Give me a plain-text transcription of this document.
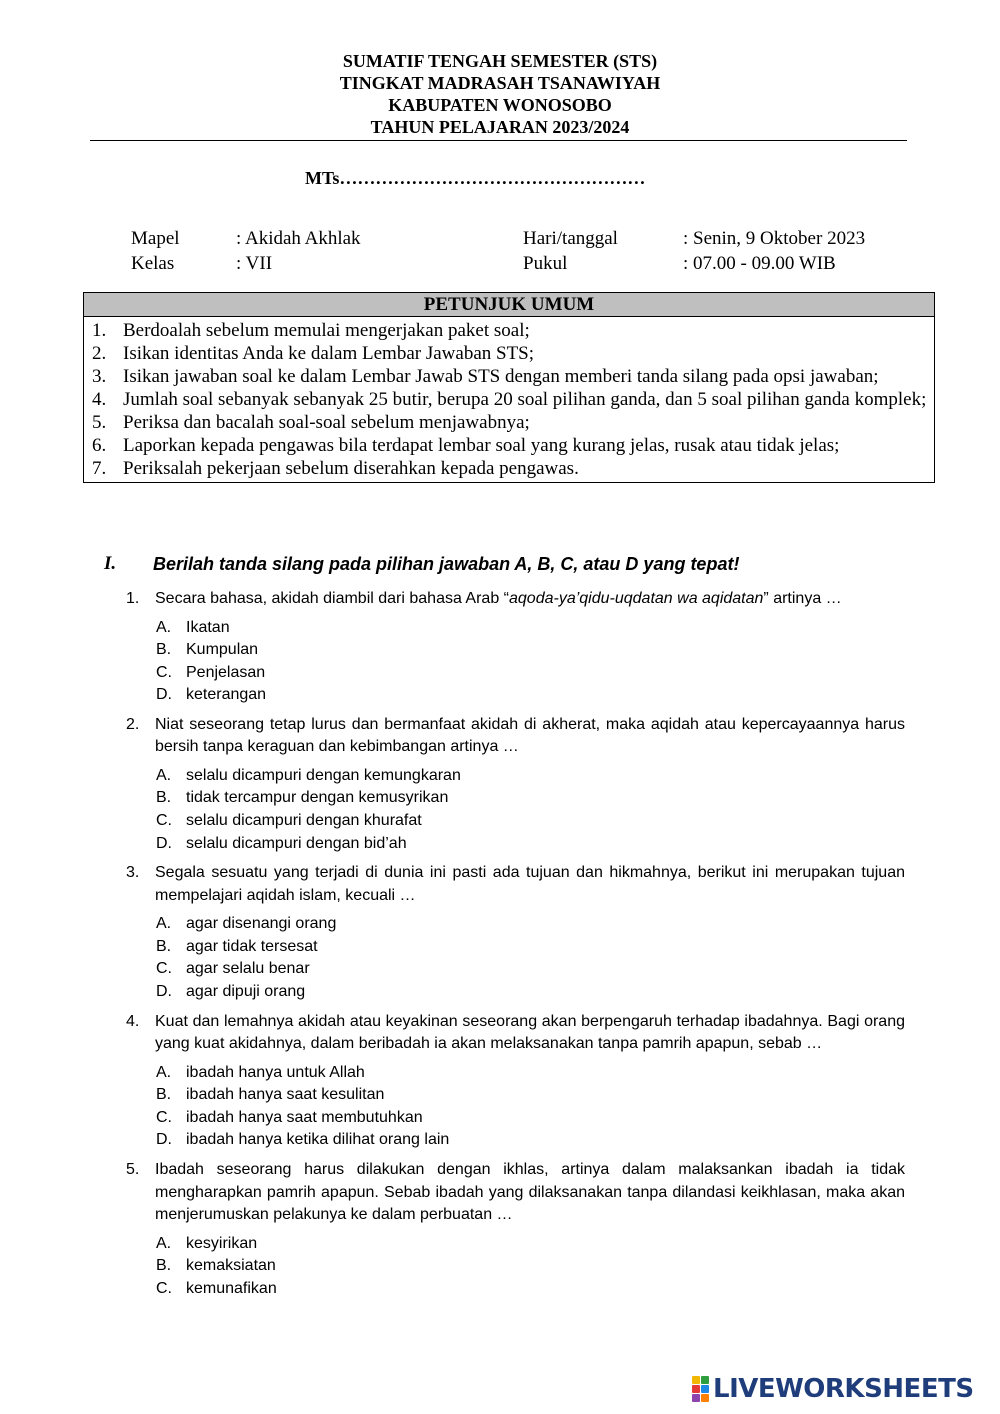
SUMATIF TENGAH SEMESTER (STS)
TINGKAT MADRASAH TSANAWIYAH
KABUPATEN WONOSOBO
TAHUN PELAJARAN 2023/2024
MTs……………………………………………
Mapel	: Akidah Akhlak	Hari/tanggal	: Senin, 9 Oktober 2023
Kelas	: VII	Pukul	: 07.00 - 09.00 WIB
PETUNJUK UMUM
1. Berdoalah sebelum memulai mengerjakan paket soal;
2. Isikan identitas Anda ke dalam Lembar Jawaban STS;
3. Isikan jawaban soal ke dalam Lembar Jawab STS dengan memberi tanda silang pada opsi jawaban;
4. Jumlah soal sebanyak sebanyak 25 butir, berupa 20 soal pilihan ganda, dan 5 soal pilihan ganda komplek;
5. Periksa dan bacalah soal-soal sebelum menjawabnya;
6. Laporkan kepada pengawas bila terdapat lembar soal yang kurang jelas, rusak atau tidak jelas;
7. Periksalah pekerjaan sebelum diserahkan kepada pengawas.
I. Berilah tanda silang pada pilihan jawaban A, B, C, atau D yang tepat!
1. Secara bahasa, akidah diambil dari bahasa Arab “aqoda-ya’qidu-uqdatan wa aqidatan” artinya …
A. Ikatan
B. Kumpulan
C. Penjelasan
D. keterangan
2. Niat seseorang tetap lurus dan bermanfaat akidah di akherat, maka aqidah atau kepercayaannya harus bersih tanpa keraguan dan kebimbangan artinya …
A. selalu dicampuri dengan kemungkaran
B. tidak tercampur dengan kemusyrikan
C. selalu dicampuri dengan khurafat
D. selalu dicampuri dengan bid’ah
3. Segala sesuatu yang terjadi di dunia ini pasti ada tujuan dan hikmahnya, berikut ini merupakan tujuan mempelajari aqidah islam, kecuali …
A. agar disenangi orang
B. agar tidak tersesat
C. agar selalu benar
D. agar dipuji orang
4. Kuat dan lemahnya akidah atau keyakinan seseorang akan berpengaruh terhadap ibadahnya. Bagi orang yang kuat akidahnya, dalam beribadah ia akan melaksanakan tanpa pamrih apapun, sebab …
A. ibadah hanya untuk Allah
B. ibadah hanya saat kesulitan
C. ibadah hanya saat membutuhkan
D. ibadah hanya ketika dilihat orang lain
5. Ibadah seseorang harus dilakukan dengan ikhlas, artinya dalam malaksankan ibadah ia tidak mengharapkan pamrih apapun. Sebab ibadah yang dilaksanakan tanpa dilandasi keikhlasan, maka akan menjerumuskan pelakunya ke dalam perbuatan …
A. kesyirikan
B. kemaksiatan
C. kemunafikan
LIVEWORKSHEETS
